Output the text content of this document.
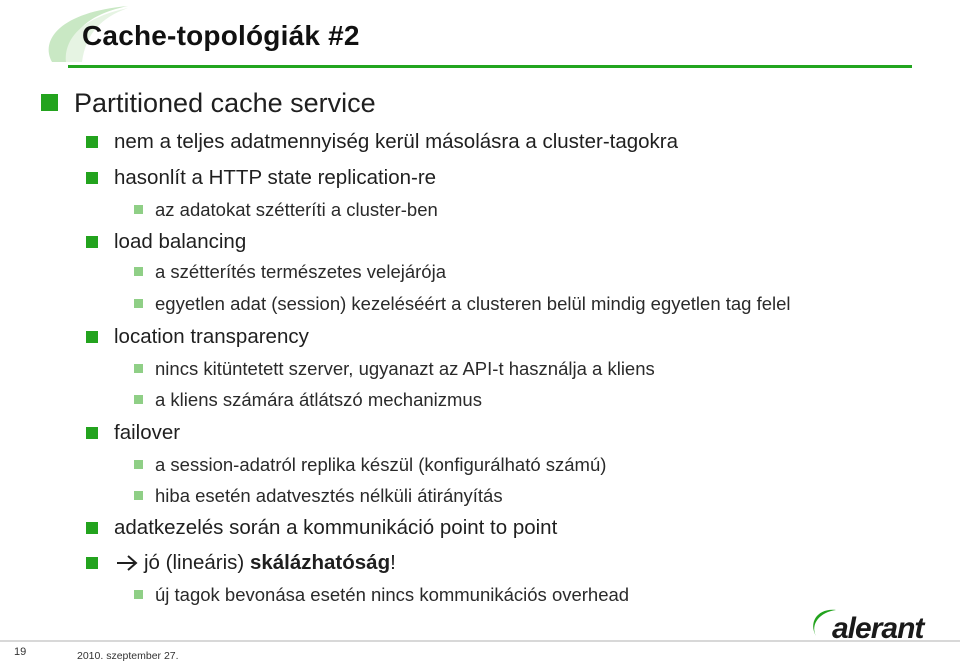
Cache-topológiák #2
Partitioned cache service
nem a teljes adatmennyiség kerül másolásra a cluster-tagokra
hasonlít a HTTP state replication-re
az adatokat szétteríti a cluster-ben
load balancing
a szétterítés természetes velejárója
egyetlen adat (session) kezeléséért a clusteren belül mindig egyetlen tag felel
location transparency
nincs kitüntetett szerver, ugyanazt az API-t használja a kliens
a kliens számára átlátszó mechanizmus
failover
a session-adatról replika készül (konfigurálható számú)
hiba esetén adatvesztés nélküli átirányítás
adatkezelés során a kommunikáció point to point
jó (lineáris) skálázhatóság!
új tagok bevonása esetén nincs kommunikációs overhead
19	2010. szeptember 27.
alerant
